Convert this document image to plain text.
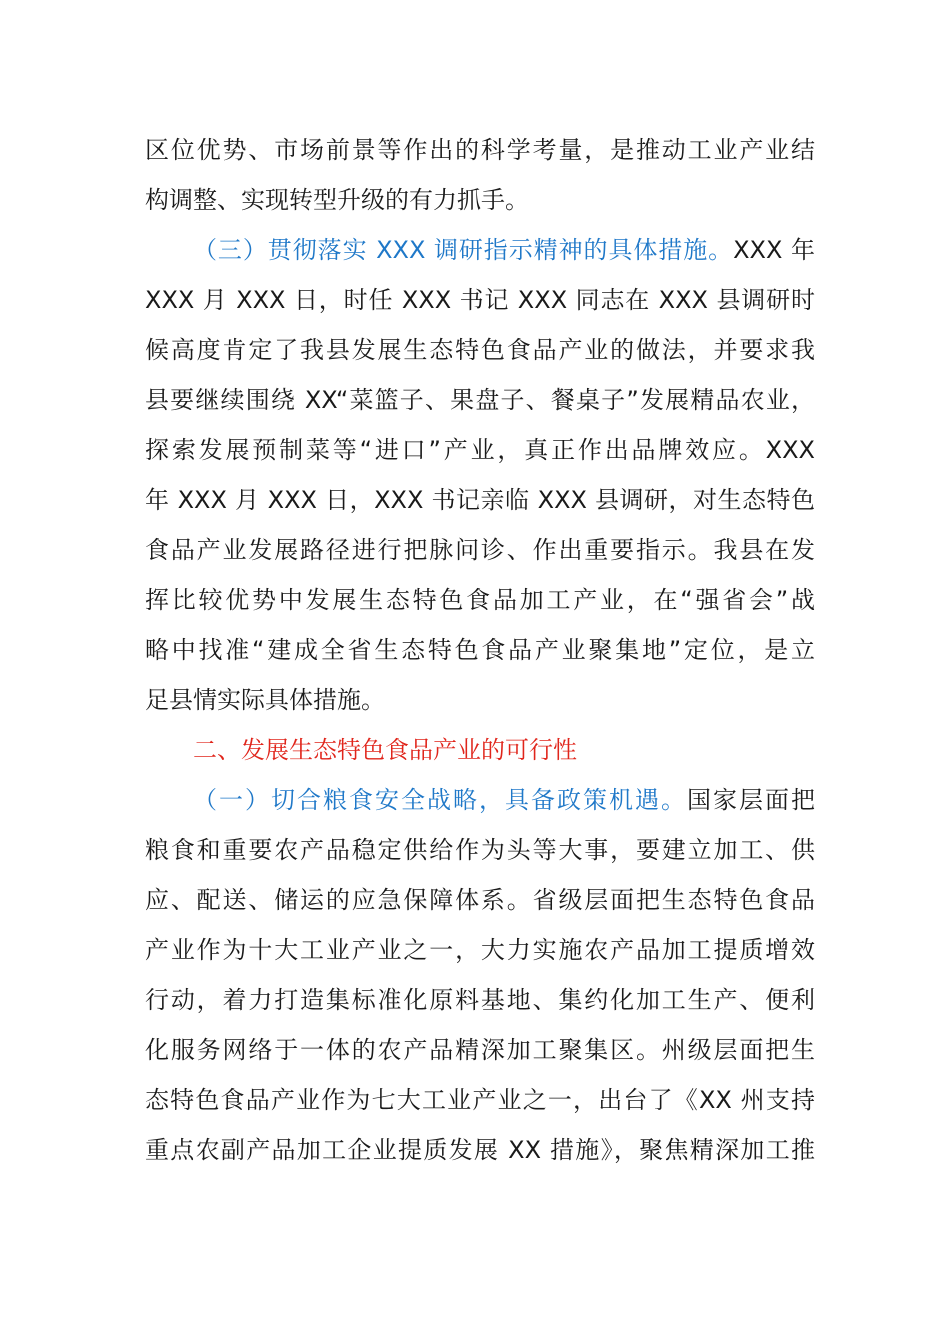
区位优势、市场前景等作出的科学考量，是推动工业产业结
构调整、实现转型升级的有力抓手。
（三）贯彻落实 XXX 调研指示精神的具体措施。XXX 年
XXX 月 XXX 日，时任 XXX 书记 XXX 同志在 XXX 县调研时
候高度肯定了我县发展生态特色食品产业的做法，并要求我
县要继续围绕 XX“菜篮子、果盘子、餐桌子”发展精品农业，
探索发展预制菜等“进口”产业，真正作出品牌效应。XXX
年 XXX 月 XXX 日，XXX 书记亲临 XXX 县调研，对生态特色
食品产业发展路径进行把脉问诊、作出重要指示。我县在发
挥比较优势中发展生态特色食品加工产业，在“强省会”战
略中找准“建成全省生态特色食品产业聚集地”定位，是立
足县情实际具体措施。
二、发展生态特色食品产业的可行性
（一）切合粮食安全战略，具备政策机遇。国家层面把
粮食和重要农产品稳定供给作为头等大事，要建立加工、供
应、配送、储运的应急保障体系。省级层面把生态特色食品
产业作为十大工业产业之一，大力实施农产品加工提质增效
行动，着力打造集标准化原料基地、集约化加工生产、便利
化服务网络于一体的农产品精深加工聚集区。州级层面把生
态特色食品产业作为七大工业产业之一，出台了《XX 州支持
重点农副产品加工企业提质发展 XX 措施》，聚焦精深加工推
